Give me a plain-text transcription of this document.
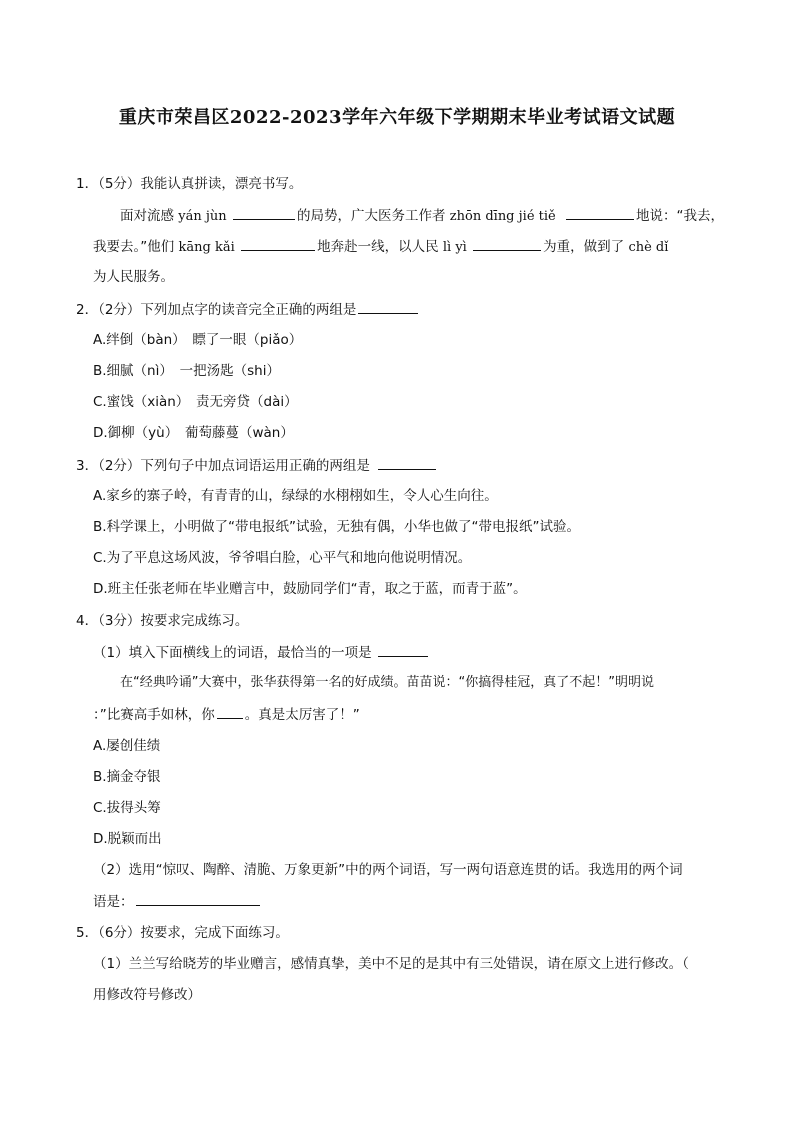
重庆市荣昌区2022-2023学年六年级下学期期末毕业考试语文试题
1．（5分）我能认真拼读，漂亮书写。
面对流感 yán jùn	的局势，广大医务工作者 zhōn dīng jié tiě	地说：“我去，
我要去。”他们 kāng kǎi	地奔赴一线，以人民 lì yì	为重，做到了 chè dǐ
为人民服务。
2．（2分）下列加点字的读音完全正确的两组是
A.绊倒（bàn）　瞟了一眼（piǎo）
B.细腻（nì）　一把汤匙（shi）
C.蜜饯（xiàn）　责无旁贷（dài）
D.御柳（yù）　葡萄藤蔓（wàn）
3．（2分）下列句子中加点词语运用正确的两组是
A.家乡的寨子岭，有青青的山，绿绿的水栩栩如生，令人心生向往。
B.科学课上，小明做了“带电报纸”试验，无独有偶，小华也做了“带电报纸”试验。
C.为了平息这场风波，爷爷唱白脸，心平气和地向他说明情况。
D.班主任张老师在毕业赠言中，鼓励同学们“青，取之于蓝，而青于蓝”。
4．（3分）按要求完成练习。
（1）填入下面横线上的词语，最恰当的一项是
在“经典吟诵”大赛中，张华获得第一名的好成绩。苗苗说：“你搞得桂冠，真了不起！”明明说
：”比赛高手如林，你 。真是太厉害了！”
A.屡创佳绩
B.摘金夺银
C.拔得头筹
D.脱颖而出
（2）选用“惊叹、陶醉、清脆、万象更新”中的两个词语，写一两句语意连贯的话。我选用的两个词
语是：
5．（6分）按要求，完成下面练习。
（1）兰兰写给晓芳的毕业赠言，感情真挚，美中不足的是其中有三处错误，请在原文上进行修改。（
用修改符号修改）
